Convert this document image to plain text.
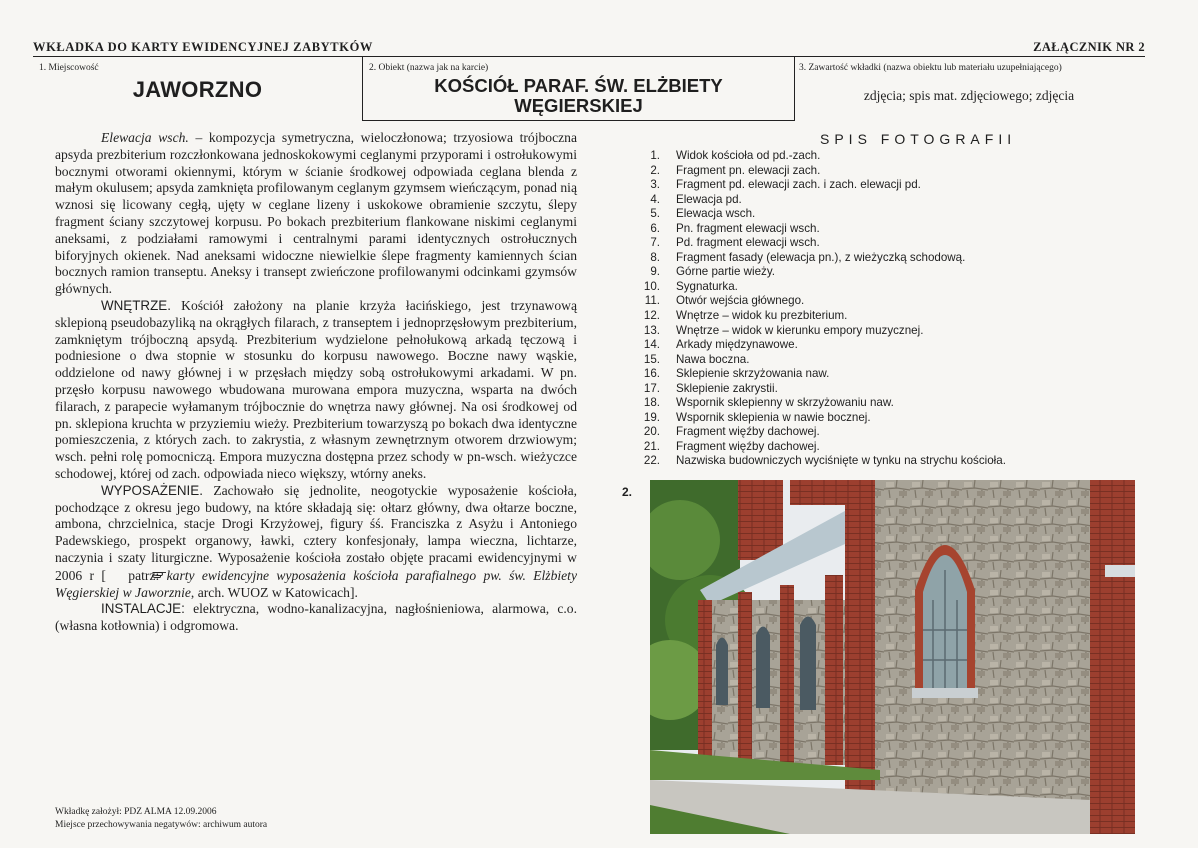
WKŁADKA DO KARTY EWIDENCYJNEJ ZABYTKÓW	ZAŁĄCZNIK NR 2
1. Miejscowość
JAWORZNO
2. Obiekt (nazwa jak na karcie)
KOŚCIÓŁ PARAF. ŚW. ELŻBIETY
WĘGIERSKIEJ
3. Zawartość wkładki (nazwa obiektu lub materiału uzupełniającego)
zdjęcia; spis mat. zdjęciowego; zdjęcia

Elewacja wsch. – kompozycja symetryczna, wieloczłonowa; trzyosiowa trójboczna apsyda prezbiterium rozczłonkowana jednoskokowymi ceglanymi przyporami i ostrołukowymi bocznymi otworami okiennymi, którym w ścianie środkowej odpowiada ceglana blenda z małym okulusem; apsyda zamknięta profilowanym ceglanym gzymsem wieńczącym, ponad nią wznosi się licowany cegłą, ujęty w ceglane lizeny i uskokowe obramienie szczytu, ślepy fragment ściany szczytowej korpusu. Po bokach prezbiterium flankowane niskimi ceglanymi aneksami, z podziałami ramowymi i centralnymi parami identycznych ostrołucznych biforyjnych okienek. Nad aneksami widoczne niewielkie ślepe fragmenty kamiennych ścian bocznych ramion transeptu. Aneksy i transept zwieńczone profilowanymi odcinkami gzymsów głównych.

WNĘTRZE. Kościół założony na planie krzyża łacińskiego, jest trzynawową sklepioną pseudobazyliką na okrągłych filarach, z transeptem i jednoprzęsłowym prezbiterium, zamkniętym trójboczną apsydą. Prezbiterium wydzielone pełnołukową arkadą tęczową i podniesione o dwa stopnie w stosunku do korpusu nawowego. Boczne nawy wąskie, oddzielone od nawy głównej i w przęsłach między sobą ostrołukowymi arkadami. W pn. przęsło korpusu nawowego wbudowana murowana empora muzyczna, wsparta na dwóch filarach, z parapecie wyłamanym trójbocznie do wnętrza nawy głównej. Na osi środkowej od pn. sklepiona kruchta w przyziemiu wieży. Prezbiterium towarzyszą po bokach dwa identyczne pomieszczenia, z których zach. to zakrystia, z własnym zewnętrznym otworem drzwiowym; wsch. pełni rolę pomocniczą. Empora muzyczna dostępna przez schody w pn-wsch. wieżyczce schodowej, której od zach. odpowiada nieco większy, wtórny aneks.

WYPOSAŻENIE. Zachowało się jednolite, neogotyckie wyposażenie kościoła, pochodzące z okresu jego budowy, na które składają się: ołtarz główny, dwa ołtarze boczne, ambona, chrzcielnica, stacje Drogi Krzyżowej, figury śś. Franciszka z Asyżu i Antoniego Padewskiego, prospekt organowy, ławki, cztery konfesjonały, lampa wieczna, lichtarze, naczynia i szaty liturgiczne. Wyposażenie kościoła zostało objęte pracami ewidencyjnymi w 2006 r [ patrz: karty ewidencyjne wyposażenia kościoła parafialnego pw. św. Elżbiety Węgierskiej w Jaworznie, arch. WUOZ w Katowicach].

INSTALACJE: elektryczna, wodno-kanalizacyjna, nagłośnieniowa, alarmowa, c.o. (własna kotłownia) i odgromowa.

Wkładkę założył: PDZ ALMA 12.09.2006
Miejsce przechowywania negatywów: archiwum autora
SPIS FOTOGRAFII
1. Widok kościoła od pd.-zach.
2. Fragment pn. elewacji zach.
3. Fragment pd. elewacji zach. i zach. elewacji pd.
4. Elewacja pd.
5. Elewacja wsch.
6. Pn. fragment elewacji wsch.
7. Pd. fragment elewacji wsch.
8. Fragment fasady (elewacja pn.), z wieżyczką schodową.
9. Górne partie wieży.
10. Sygnaturka.
11. Otwór wejścia głównego.
12. Wnętrze – widok ku prezbiterium.
13. Wnętrze – widok w kierunku empory muzycznej.
14. Arkady międzynawowe.
15. Nawa boczna.
16. Sklepienie skrzyżowania naw.
17. Sklepienie zakrystii.
18. Wspornik sklepienny w skrzyżowaniu naw.
19. Wspornik sklepienia w nawie bocznej.
20. Fragment więźby dachowej.
21. Fragment więźby dachowej.
22. Nazwiska budowniczych wyciśnięte w tynku na strychu kościoła.
2.
